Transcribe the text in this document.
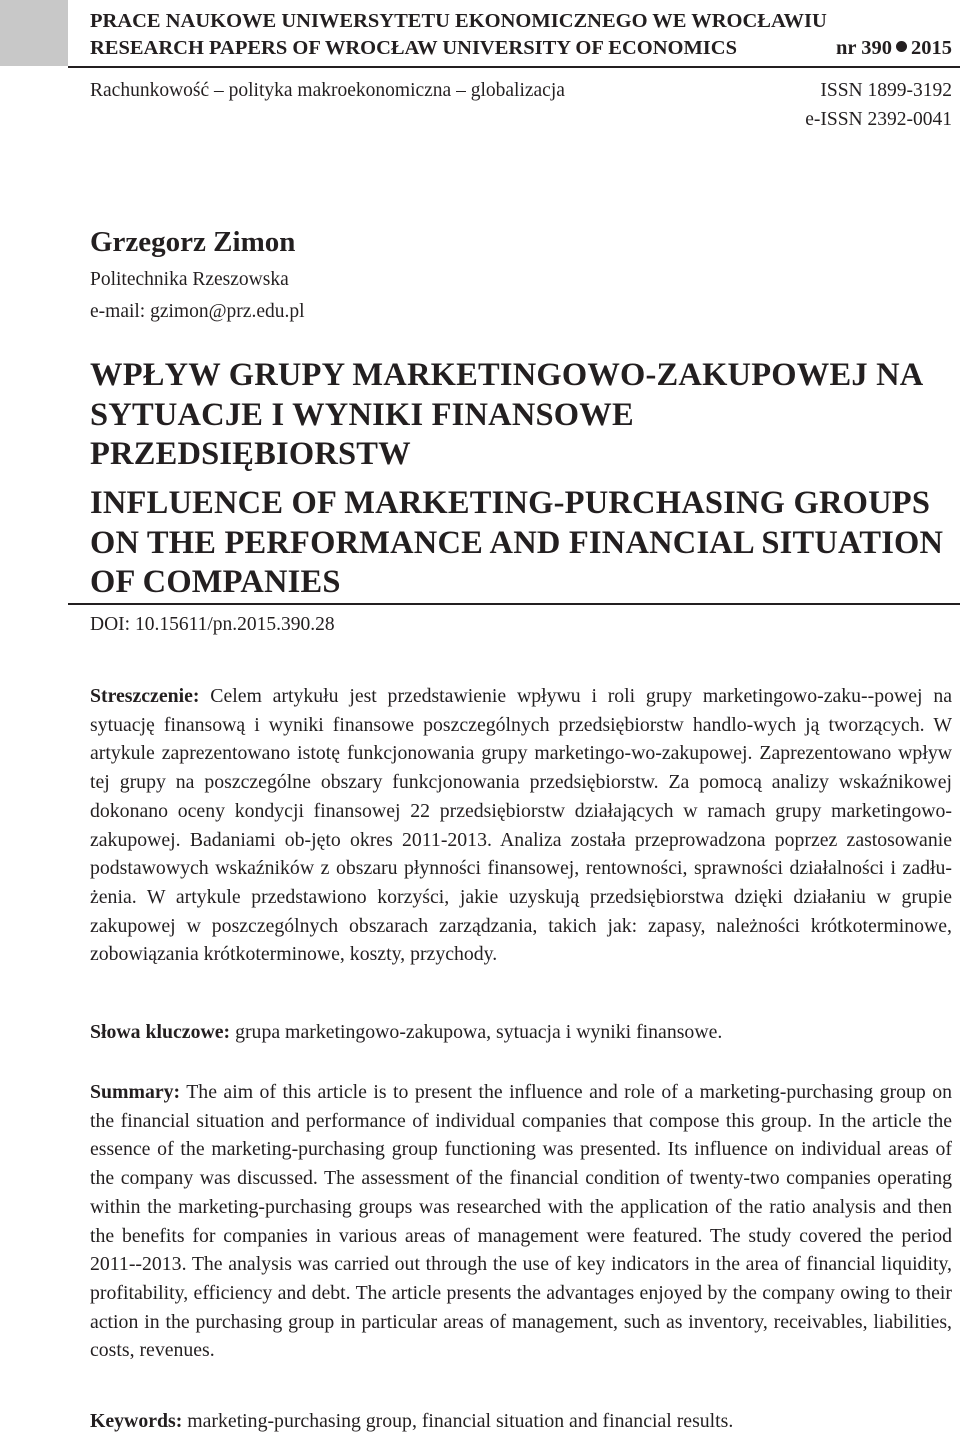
PRACE NAUKOWE UNIWERSYTETU EKONOMICZNEGO WE WROCŁAWIU
RESEARCH PAPERS OF WROCŁAW UNIVERSITY OF ECONOMICS	nr 390 2015
Rachunkowość – polityka makroekonomiczna – globalizacja	ISSN 1899-3192
e-ISSN 2392-0041
Grzegorz Zimon
Politechnika Rzeszowska
e-mail: gzimon@prz.edu.pl
WPŁYW GRUPY MARKETINGOWO-ZAKUPOWEJ NA SYTUACJE I WYNIKI FINANSOWE PRZEDSIĘBIORSTW
INFLUENCE OF MARKETING-PURCHASING GROUPS ON THE PERFORMANCE AND FINANCIAL SITUATION OF COMPANIES
DOI: 10.15611/pn.2015.390.28
Streszczenie: Celem artykułu jest przedstawienie wpływu i roli grupy marketingowo-zaku--powej na sytuację finansową i wyniki finansowe poszczególnych przedsiębiorstw handlo-wych ją tworzących. W artykule zaprezentowano istotę funkcjonowania grupy marketingo-wo-zakupowej. Zaprezentowano wpływ tej grupy na poszczególne obszary funkcjonowania przedsiębiorstw. Za pomocą analizy wskaźnikowej dokonano oceny kondycji finansowej 22 przedsiębiorstw działających w ramach grupy marketingowo-zakupowej. Badaniami ob-jęto okres 2011-2013. Analiza została przeprowadzona poprzez zastosowanie podstawowych wskaźników z obszaru płynności finansowej, rentowności, sprawności działalności i zadłu-żenia. W artykule przedstawiono korzyści, jakie uzyskują przedsiębiorstwa dzięki działaniu w grupie zakupowej w poszczególnych obszarach zarządzania, takich jak: zapasy, należności krótkoterminowe, zobowiązania krótkoterminowe, koszty, przychody.
Słowa kluczowe: grupa marketingowo-zakupowa, sytuacja i wyniki finansowe.
Summary: The aim of this article is to present the influence and role of a marketing-purchasing group on the financial situation and performance of individual companies that compose this group. In the article the essence of the marketing-purchasing group functioning was presented. Its influence on individual areas of the company was discussed. The assessment of the financial condition of twenty-two companies operating within the marketing-purchasing groups was researched with the application of the ratio analysis and then the benefits for companies in various areas of management were featured. The study covered the period 2011--2013. The analysis was carried out through the use of key indicators in the area of financial liquidity, profitability, efficiency and debt. The article presents the advantages enjoyed by the company owing to their action in the purchasing group in particular areas of management, such as inventory, receivables, liabilities, costs, revenues.
Keywords: marketing-purchasing group, financial situation and financial results.
